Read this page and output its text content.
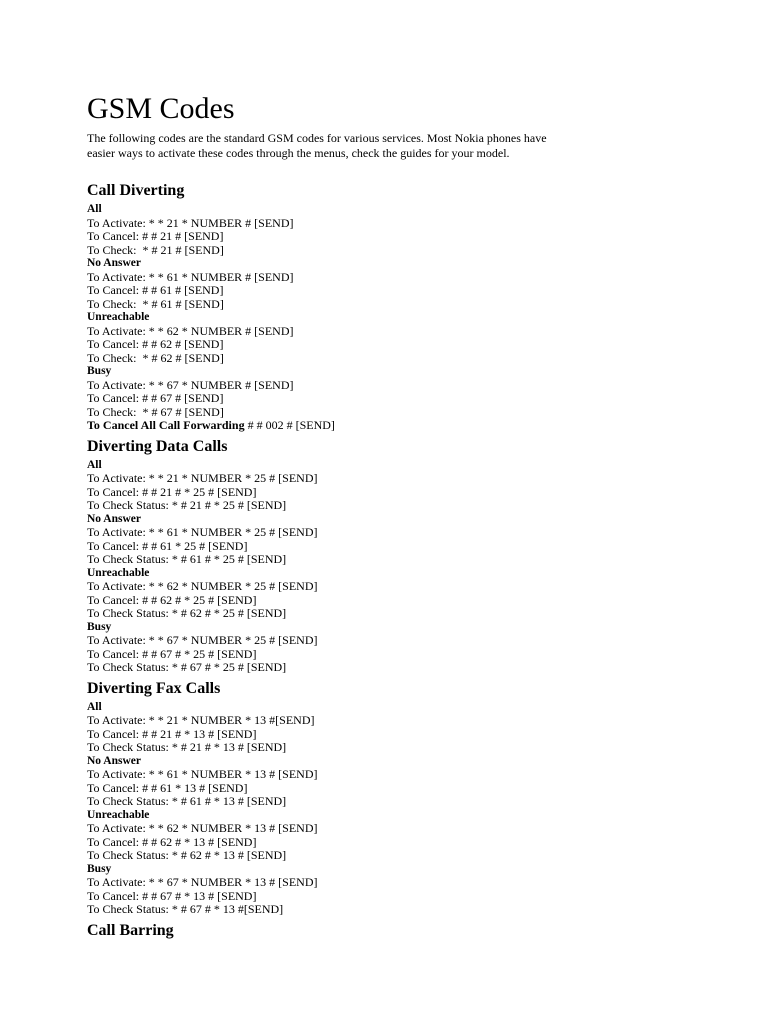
GSM Codes
The following codes are the standard GSM codes for various services. Most Nokia phones have
easier ways to activate these codes through the menus, check the guides for your model.
Call Diverting
All
To Activate: * * 21 * NUMBER # [SEND]
To Cancel: # # 21 # [SEND]
To Check:  * # 21 # [SEND]
No Answer
To Activate: * * 61 * NUMBER # [SEND]
To Cancel: # # 61 # [SEND]
To Check:  * # 61 # [SEND]
Unreachable
To Activate: * * 62 * NUMBER # [SEND]
To Cancel: # # 62 # [SEND]
To Check:  * # 62 # [SEND]
Busy
To Activate: * * 67 * NUMBER # [SEND]
To Cancel: # # 67 # [SEND]
To Check:  * # 67 # [SEND]
To Cancel All Call Forwarding # # 002 # [SEND]
Diverting Data Calls
All
To Activate: * * 21 * NUMBER * 25 # [SEND]
To Cancel: # # 21 # * 25 # [SEND]
To Check Status: * # 21 # * 25 # [SEND]
No Answer
To Activate: * * 61 * NUMBER * 25 # [SEND]
To Cancel: # # 61 * 25 # [SEND]
To Check Status: * # 61 # * 25 # [SEND]
Unreachable
To Activate: * * 62 * NUMBER * 25 # [SEND]
To Cancel: # # 62 # * 25 # [SEND]
To Check Status: * # 62 # * 25 # [SEND]
Busy
To Activate: * * 67 * NUMBER * 25 # [SEND]
To Cancel: # # 67 # * 25 # [SEND]
To Check Status: * # 67 # * 25 # [SEND]
Diverting Fax Calls
All
To Activate: * * 21 * NUMBER * 13 #[SEND]
To Cancel: # # 21 # * 13 # [SEND]
To Check Status: * # 21 # * 13 # [SEND]
No Answer
To Activate: * * 61 * NUMBER * 13 # [SEND]
To Cancel: # # 61 * 13 # [SEND]
To Check Status: * # 61 # * 13 # [SEND]
Unreachable
To Activate: * * 62 * NUMBER * 13 # [SEND]
To Cancel: # # 62 # * 13 # [SEND]
To Check Status: * # 62 # * 13 # [SEND]
Busy
To Activate: * * 67 * NUMBER * 13 # [SEND]
To Cancel: # # 67 # * 13 # [SEND]
To Check Status: * # 67 # * 13 #[SEND]
Call Barring
